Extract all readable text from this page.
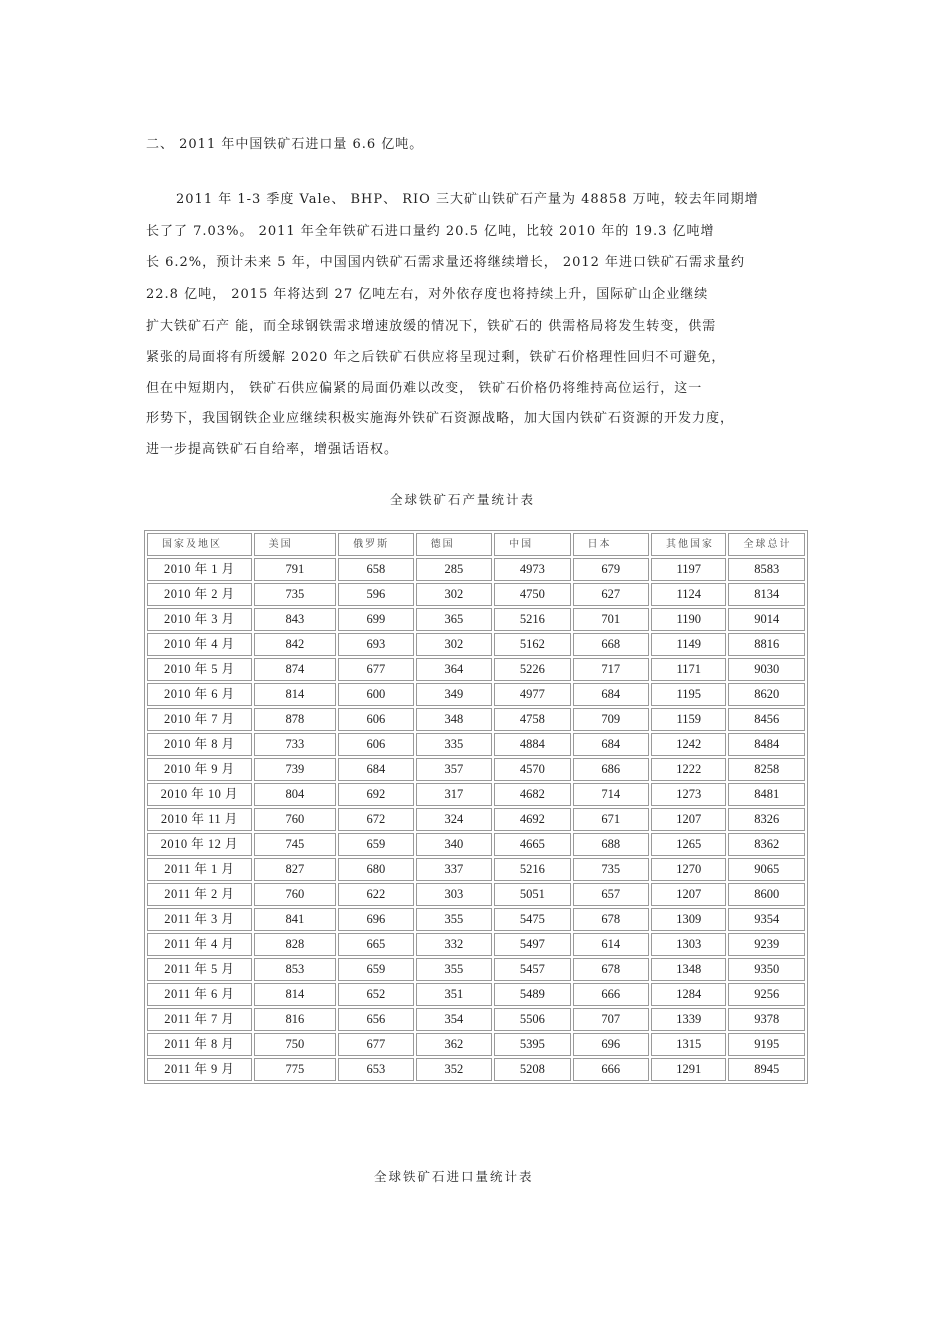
二、 2011 年中国铁矿石进口量 6.6 亿吨。
2011 年 1-3 季度 Vale、 BHP、 RIO 三大矿山铁矿石产量为 48858 万吨，较去年同期增
长了了 7.03%。 2011 年全年铁矿石进口量约 20.5 亿吨，比较 2010 年的 19.3 亿吨增
长 6.2%，预计未来 5 年，中国国内铁矿石需求量还将继续增长， 2012 年进口铁矿石需求量约
22.8 亿吨， 2015 年将达到 27 亿吨左右，对外依存度也将持续上升，国际矿山企业继续
扩大铁矿石产 能，而全球钢铁需求增速放缓的情况下，铁矿石的 供需格局将发生转变，供需
紧张的局面将有所缓解 2020 年之后铁矿石供应将呈现过剩，铁矿石价格理性回归不可避免，
但在中短期内， 铁矿石供应偏紧的局面仍难以改变， 铁矿石价格仍将维持高位运行，这一
形势下，我国钢铁企业应继续积极实施海外铁矿石资源战略，加大国内铁矿石资源的开发力度，
进一步提高铁矿石自给率，增强话语权。
全球铁矿石产量统计表
国家及地区	美国	俄罗斯	德国	中国	日本	其他国家	全球总计
2010 年 1 月	791	658	285	4973	679	1197	8583
2010 年 2 月	735	596	302	4750	627	1124	8134
2010 年 3 月	843	699	365	5216	701	1190	9014
2010 年 4 月	842	693	302	5162	668	1149	8816
2010 年 5 月	874	677	364	5226	717	1171	9030
2010 年 6 月	814	600	349	4977	684	1195	8620
2010 年 7 月	878	606	348	4758	709	1159	8456
2010 年 8 月	733	606	335	4884	684	1242	8484
2010 年 9 月	739	684	357	4570	686	1222	8258
2010 年 10 月	804	692	317	4682	714	1273	8481
2010 年 11 月	760	672	324	4692	671	1207	8326
2010 年 12 月	745	659	340	4665	688	1265	8362
2011 年 1 月	827	680	337	5216	735	1270	9065
2011 年 2 月	760	622	303	5051	657	1207	8600
2011 年 3 月	841	696	355	5475	678	1309	9354
2011 年 4 月	828	665	332	5497	614	1303	9239
2011 年 5 月	853	659	355	5457	678	1348	9350
2011 年 6 月	814	652	351	5489	666	1284	9256
2011 年 7 月	816	656	354	5506	707	1339	9378
2011 年 8 月	750	677	362	5395	696	1315	9195
2011 年 9 月	775	653	352	5208	666	1291	8945
全球铁矿石进口量统计表
